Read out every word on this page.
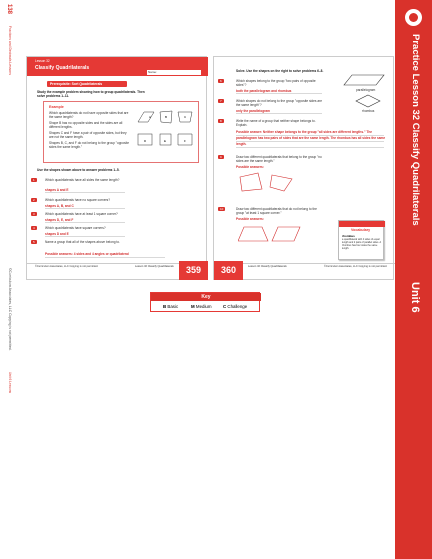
138
Fractions and Decimals Lessons
©Curriculum Associates, LLC Copying is not permitted.
Unit 6 Lessons
Practice Lesson 32 Classify Quadrilaterals
Unit 6
Lesson 32
Classify Quadrilaterals
Name:
Prerequisite: Sort Quadrilaterals
Study the example problem showing how to group quadrilaterals. Then solve problems 1–11.
Example
Which quadrilaterals do not have opposite sides that are the same length?
Shape B has no opposite sides and the sides are all different lengths.
Shapes C and F have a pair of opposite sides, but they are not the same length.
Shapes B, C, and F do not belong to the group "opposite sides the same length."
A	B	C
D	E	F
Use the shapes shown above to answer problems 1–5.
1	Which quadrilaterals have all sides the same length?
shapes A and E
2	Which quadrilaterals have no square corners?
shapes A, B, and C
3	Which quadrilaterals have at least 1 square corner?
shapes D, E, and F
4	Which quadrilaterals have square corners?
shapes D and E
5	Name a group that all of the shapes above belong to.
Possible answers: 4 sides and 4 angles or quadrilateral
©Curriculum Associates, LLC Copying is not permitted.	Lesson 32 Classify Quadrilaterals	359
Solve. Use the shapes on the right to solve problems 6–8.
6	Which shapes belong to the group "two pairs of opposite sides"?
both the parallelogram and rhombus
7	Which shapes do not belong to the group "opposite sides are the same length"?
only the parallelogram
parallelogram
rhombus
8	Write the name of a group that neither shape belongs to. Explain.
Possible answer: Neither shape belongs to the group "all sides are different lengths." The parallelogram has two pairs of sides that are the same length. The rhombus has all sides the same length.
9	Draw two different quadrilaterals that belong to the group "no sides are the same length."
Possible answers:
10	Draw two different quadrilaterals that do not belong to the group "at least 1 square corner."
Possible answers:
Vocabulary
rhombus
a quadrilateral with 4 sides of equal length and 2 pairs of parallel sides. A rhombus has four sides the same length.
360	Lesson 32 Classify Quadrilaterals	©Curriculum Associates, LLC Copying is not permitted.
Key
B Basic	M Medium	C Challenge
